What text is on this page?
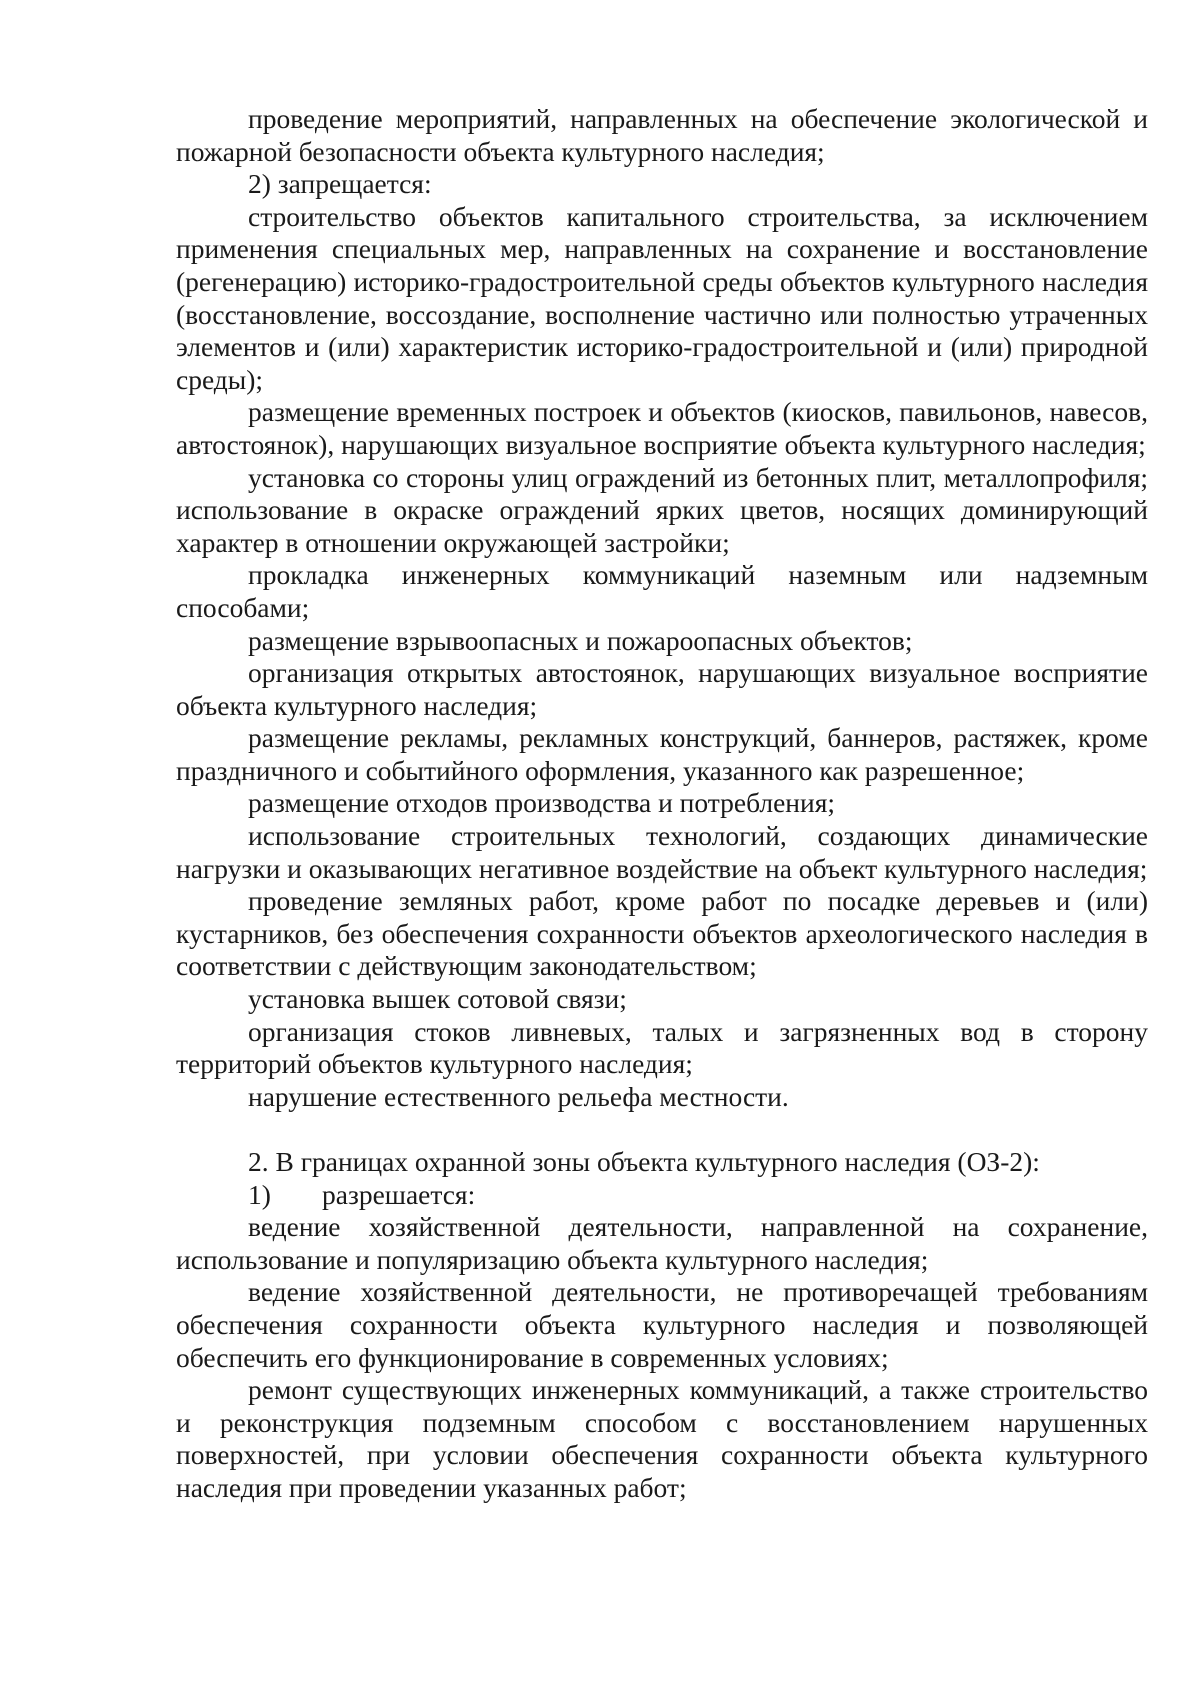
проведение мероприятий, направленных на обеспечение экологической и пожарной безопасности объекта культурного наследия;

2) запрещается:

строительство объектов капитального строительства, за исключением применения специальных мер, направленных на сохранение и восстановление (регенерацию) историко-градостроительной среды объектов культурного наследия (восстановление, воссоздание, восполнение частично или полностью утраченных элементов и (или) характеристик историко-градостроительной и (или) природной среды);

размещение временных построек и объектов (киосков, павильонов, навесов, автостоянок), нарушающих визуальное восприятие объекта культурного наследия;

установка со стороны улиц ограждений из бетонных плит, металлопрофиля; использование в окраске ограждений ярких цветов, носящих доминирующий характер в отношении окружающей застройки;

прокладка инженерных коммуникаций наземным или надземным способами;

размещение взрывоопасных и пожароопасных объектов;

организация открытых автостоянок, нарушающих визуальное восприятие объекта культурного наследия;

размещение рекламы, рекламных конструкций, баннеров, растяжек, кроме праздничного и событийного оформления, указанного как разрешенное;

размещение отходов производства и потребления;

использование строительных технологий, создающих динамические нагрузки и оказывающих негативное воздействие на объект культурного наследия;

проведение земляных работ, кроме работ по посадке деревьев и (или) кустарников, без обеспечения сохранности объектов археологического наследия в соответствии с действующим законодательством;

установка вышек сотовой связи;

организация стоков ливневых, талых и загрязненных вод в сторону территорий объектов культурного наследия;

нарушение естественного рельефа местности.

2. В границах охранной зоны объекта культурного наследия (ОЗ-2):

1) разрешается:

ведение хозяйственной деятельности, направленной на сохранение, использование и популяризацию объекта культурного наследия;

ведение хозяйственной деятельности, не противоречащей требованиям обеспечения сохранности объекта культурного наследия и позволяющей обеспечить его функционирование в современных условиях;

ремонт существующих инженерных коммуникаций, а также строительство и реконструкция подземным способом с восстановлением нарушенных поверхностей, при условии обеспечения сохранности объекта культурного наследия при проведении указанных работ;
